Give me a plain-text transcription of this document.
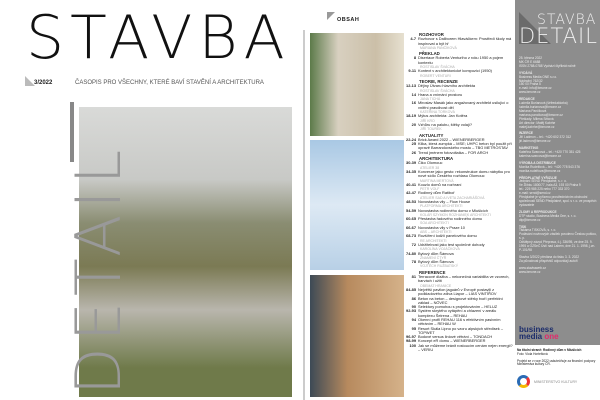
STAVBA
3/2022	ČASOPIS PRO VŠECHNY, KTERÉ BAVÍ STAVĚNÍ A ARCHITEKTURA
DETAIL
OBSAH
ROZHOVOR
4-7 Rozhovor s Daliborem Hlaváčkem: Prostředí školy má inspirovat a být hř
MARIANA PANČÍKOVÁ
PŘEKLAD
8 Disertace Roberta Venturiho z roku 1950 a pojem kontextu
ROSTISLAV ŠVÁCHA
9-11 Kontext v architektonické kompozici (1950)
ROBERT VENTURI
TEORIE, RECENZE
12-13 Dějiny Útvaru hlavního architekta
ROSTISLAV ŠVÁCHA
14 Hrana a vnímání prostoru
JANA TICHÁ
16 Miroslav Masák jako angažovaný architekt usilující o vnitřní pravdivost děl
KATEŘINA TORKOVÁ
18-19 Mýtus architekta: Jan Kotěra
JIŘÍ KRO
20 Vzhůru na palubu, štěky volají?
JIŘÍ TOUREK
AKTUALITY
22-24 Brick Award 2022 – WIENERBERGER
25 Klika, která zumpká – MSE; UHPC beton byl použit při opravě Barrandovského mostu – TBG METROSTAV
26 Trend jménem fotovoltaika – FOR ARCH
ARCHITEKTURA
30-39 Čiko Olomouc
ATELIER 38
34-35 Konverze jako gesto: rekonstrukce domu nábytku pro nové sídlo Českého rozhlasu Olomouc
MARTINA MERTOVÁ
40-41 Kouzlo domů na rozhraní
PETR VOLF
42-47 Rodinný dům Ratiboř
ATELIER SAD A IVETA ZACHARIÁŠOVÁ
48-53 Novostavba vily – Flow House
PLATFORMA ARCHITEKTI
54-59 Novostavba rodinného domu v Mlušicích
KOLÁR SZYMON ROZHANIĘK ARCHITEKTI
60-65 Přestavba řadového rodinného domu
SOA ARCHITEKTI
66-67 Novostavba vily v Praze 10
ABS – ARCHITEKTI
68-73 Rozšíření lodžií panelového domu
RE ARCHITEKTI
72 Udržitelnost jako test společné dohody
KAROLÍNA VOJÁČKOVÁ
74-80 Bytový dům Šámova
ZNAMENÍ ČTYŘ
78 Bytový dům Šámova
VOJTĚCH RUŽBATSKÝ
REFERENCE
81 Terracové dlažba – nekonečná variabilita ve vzorech, barvách i užití
OBEMAT HRANICE
84-85 Největší pavilon jaguárů v Evropě postavili z podkladového zdiva Liapor – LIAS VINTÍŘOV
86 Beton na beton – designové stěrky tvoří perfektní základ – NÖVEC
90 Selektory pomohou s projektováním – HELUZ
92-93 Systém skrytého vytápění a chlazení v areálu komplexu Šelrena – REHAU
94 Okenní profil REHAU 116 s efektivním pasivním větráním – REHAU W
95 Resort Skála Lipno po vzoru alpských středisek – TOPWET
96-97 Bodové versus liniové větrání – TONDACH
98-99 Koncept eR domu – WIENERBERGER
100 Jak se můžeme bránit rostoucím cenám nejen energií? – VERIU
STAVBA
DETAIL
25. března 2022
MK ČR E 6688
ISSN 2788-0788 Vychází čtyřikrát ročně
VYDÁVÁ
Business Media ONE s.r.o.
Nádražní 762/32
150 00 Praha 5
e-mail: info@bmone.cz
www.bmone.cz
REDAKCE
Ludmila Burianová (šéfredaktorka)
ludmila.burianova@bmone.cz
Mariana Pančíková
mariana.pancikova@bmone.cz
Překlady: Milena Srbová
Art director: Matěj Kabrhe
matej.kabrhe@bmone.cz
INZERCE
Jiří Ladmon – tel.: +420 602 372 312
jiri.ladmon@bmone.cz
MARKETING
Kateřina Svarcová – tel.: +420 770 351 425
katerina.svarcova@bmone.cz
VÝROBA A DISTRIBUCE
Monika Rudelfová – tel.: +420 778 543 376
monika.rudelfova@bmone.cz
PŘEDPLATNÉ VYŘIZUJE
Jednání SEND Předplatné, s. r. o.
Ve Žlíbku 1800/77, hala A3, 193 00 Praha 9
tel.: 225 985 225 nebo 777 333 370
e-mail: send@send.cz
Předplatné je vyřízeno prostřednictvím obchodní společnosti SEND Předplatné, spol. s r. o. ve prospěch vydavatele
ZLOMY A REPRODUKCE
DTP studio, Business Media One, s. r. o.
dtp@bmone.cz
TISK
Tiskárna TISKOVÁ, s. r. o.
Podávání novinových zásilek povoleno Českou poštou, s. p.
Odštěpný závod Přeprava, č.j. 336/95, ze dne 25. 9. 1995 a OZSeČ Ústí nad Labem, dne 21. 1. 1998, j.zn. P-101/98
Stavba 3/2022 předána do tisku 3. 3. 2022
Za původnost příspěvků odpovídají autoři
www.stavbaweb.cz
www.bmone.cz
business
media one
Na titulní straně: Rodinný dům v Mlušicích
Foto: Viola Horteltová
Projekt se v roce 2022 uskutečňuje za finanční podpory Ministerstva kultury ČR.
MINISTERSTVO KULTURY
